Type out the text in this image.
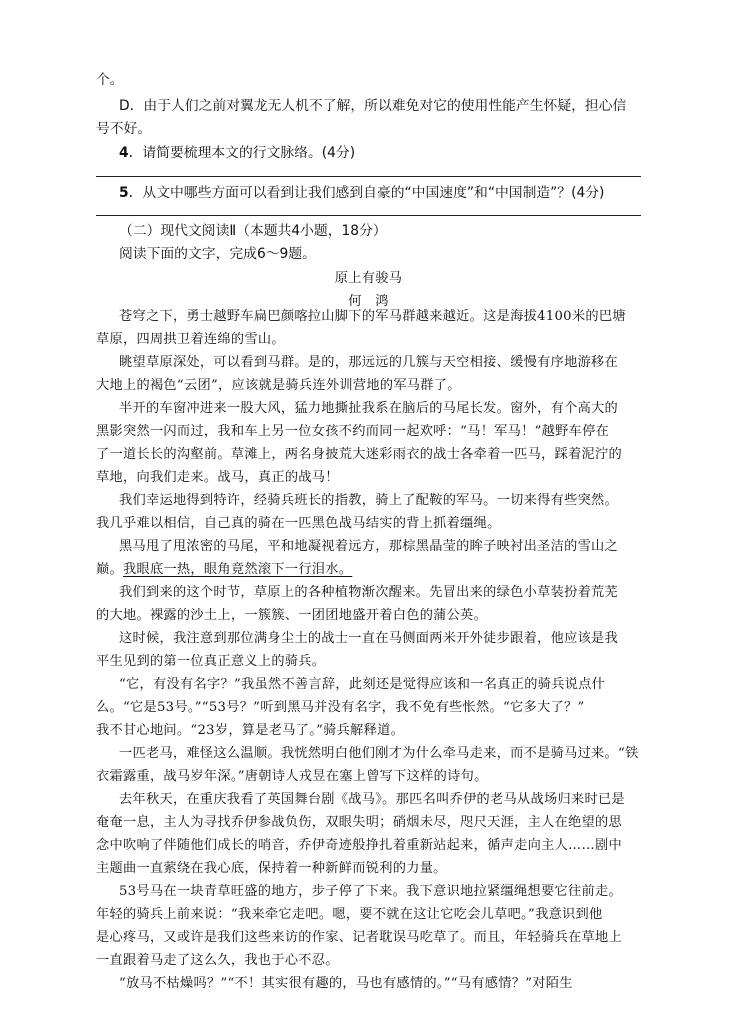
个。
D．由于人们之前对翼龙无人机不了解，所以难免对它的使用性能产生怀疑，担心信
号不好。
4．请简要梳理本文的行文脉络。(4分)
5．从文中哪些方面可以看到让我们感到自豪的“中国速度”和“中国制造”？(4分)
（二）现代文阅读Ⅱ（本题共4小题，18分）
阅读下面的文字，完成6～9题。
原上有骏马
何　鸿
苍穹之下，勇士越野车扁巴颜喀拉山脚下的军马群越来越近。这是海拔4100米的巴塘
草原，四周拱卫着连绵的雪山。
眺望草原深处，可以看到马群。是的，那远远的几簇与天空相接、缓慢有序地游移在
大地上的褐色“云团”，应该就是骑兵连外训营地的军马群了。
半开的车窗冲进来一股大风，猛力地撕扯我系在脑后的马尾长发。窗外，有个高大的
黑影突然一闪而过，我和车上另一位女孩不约而同一起欢呼：“马！军马！”越野车停在
了一道长长的沟壑前。草滩上，两名身披荒大迷彩雨衣的战士各牵着一匹马，踩着泥泞的
草地，向我们走来。战马，真正的战马！
我们幸运地得到特许，经骑兵班长的指教，骑上了配鞍的军马。一切来得有些突然。
我几乎难以相信，自己真的骑在一匹黑色战马结实的背上抓着缰绳。
黑马甩了甩浓密的马尾，平和地凝视着远方，那棕黑晶莹的眸子映衬出圣洁的雪山之
巅。我眼底一热，眼角竟然滚下一行泪水。
我们到来的这个时节，草原上的各种植物渐次醒来。先冒出来的绿色小草装扮着荒芜
的大地。裸露的沙土上，一簇簇、一团团地盛开着白色的蒲公英。
这时候，我注意到那位满身尘土的战士一直在马侧面两米开外徒步跟着，他应该是我
平生见到的第一位真正意义上的骑兵。
“它，有没有名字？”我虽然不善言辞，此刻还是觉得应该和一名真正的骑兵说点什
么。“它是53号。”“53号？”听到黑马并没有名字，我不免有些怅然。“它多大了？”
我不甘心地问。“23岁，算是老马了。”骑兵解释道。
一匹老马，难怪这么温顺。我恍然明白他们刚才为什么牵马走来，而不是骑马过来。“铁
衣霜露重，战马岁年深。”唐朝诗人戎昱在塞上曾写下这样的诗句。
去年秋天，在重庆我看了英国舞台剧《战马》。那匹名叫乔伊的老马从战场归来时已是
奄奄一息，主人为寻找乔伊参战负伤，双眼失明；硝烟未尽，咫尺天涯，主人在绝望的思
念中吹响了伴随他们成长的哨音，乔伊奇迹般挣扎着重新站起来，循声走向主人……剧中
主题曲一直萦绕在我心底，保持着一种新鲜而锐利的力量。
53号马在一块青草旺盛的地方，步子停了下来。我下意识地拉紧缰绳想要它往前走。
年轻的骑兵上前来说：“我来牵它走吧。嗯，要不就在这让它吃会儿草吧。”我意识到他
是心疼马，又或许是我们这些来访的作家、记者耽误马吃草了。而且，年轻骑兵在草地上
一直跟着马走了这么久，我也于心不忍。
“放马不枯燥吗？”“不！其实很有趣的，马也有感情的。”“马有感情？”对陌生
